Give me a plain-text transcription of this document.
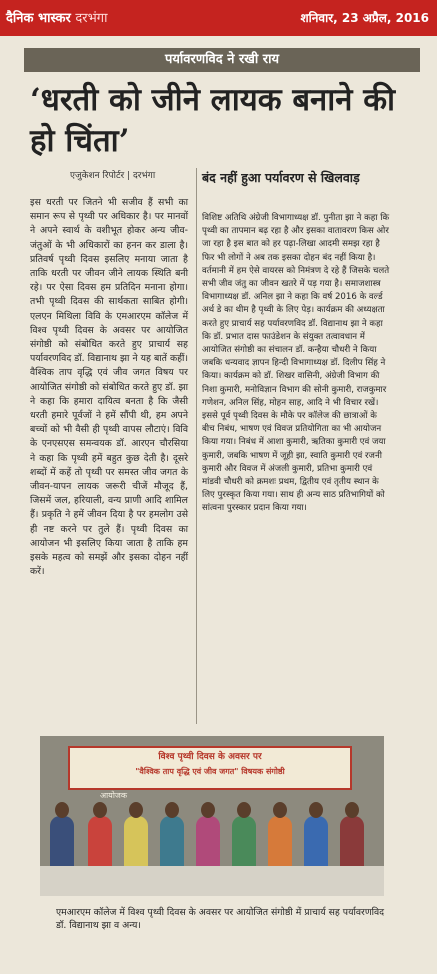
दैनिक भास्कर दरभंगा	शनिवार, 23 अप्रैल, 2016
पर्यावरणविद ने रखी राय
‘धरती को जीने लायक बनाने की हो चिंता’
एजुकेशन रिपोर्टर | दरभंगा
इस धरती पर जितने भी सजीव हैं सभी का समान रूप से पृथ्वी पर अधिकार है। पर मानवों ने अपने स्वार्थ के वशीभूत होकर अन्य जीव-जंतुओं के भी अधिकारों का हनन कर डाला है। प्रतिवर्ष पृथ्वी दिवस इसलिए मनाया जाता है ताकि धरती पर जीवन जीने लायक स्थिति बनी रहे। पर ऐसा दिवस हम प्रतिदिन मनाना होगा। तभी पृथ्वी दिवस की सार्थकता साबित होगी। एलएन मिथिला विवि के एमआरएम कॉलेज में विश्व पृथ्वी दिवस के अवसर पर आयोजित संगोष्ठी को संबोधित करते हुए प्राचार्य सह पर्यावरणविद डॉ. विद्यानाथ झा ने यह बातें कहीं। वैश्विक ताप वृद्धि एवं जीव जगत विषय पर आयोजित संगोष्ठी को संबोधित करते हुए डॉ. झा ने कहा कि हमारा दायित्व बनता है कि जैसी धरती हमारे पूर्वजों ने हमें सौंपी थी, हम अपने बच्चों को भी वैसी ही पृथ्वी वापस लौटाएं। विवि के एनएसएस समन्वयक डॉ. आरएन चौरसिया ने कहा कि पृथ्वी हमें बहुत कुछ देती है। दूसरे शब्दों में कहें तो पृथ्वी पर समस्त जीव जगत के जीवन-यापन लायक जरूरी चीजें मौजूद हैं, जिसमें जल, हरियाली, वन्य प्राणी आदि शामिल हैं। प्रकृति ने हमें जीवन दिया है पर हमलोग उसे ही नष्ट करने पर तुले हैं। पृथ्वी दिवस का आयोजन भी इसलिए किया जाता है ताकि हम इसके महत्व को समझें और इसका दोहन नहीं करें।
बंद नहीं हुआ पर्यावरण से खिलवाड़
विशिष्ट अतिथि अंग्रेजी विभागाध्यक्ष डॉ. पुनीता झा ने कहा कि पृथ्वी का तापमान बढ़ रहा है और इसका वातावरण किस ओर जा रहा है इस बात को हर पढ़ा-लिखा आदमी समझ रहा है फिर भी लोगों ने अब तक इसका दोहन बंद नहीं किया है। वर्तमानी में हम ऐसे वायरस को निमंत्रण दे रहे हैं जिसके चलते सभी जीव जंतु का जीवन खतरे में पड़ गया है। समाजशास्त्र विभागाध्यक्ष डॉ. अनिल झा ने कहा कि वर्ष 2016 के वर्ल्ड अर्थ डे का थीम है पृथ्वी के लिए पेड़। कार्यक्रम की अध्यक्षता करते हुए प्राचार्य सह पर्यावरणविद डॉ. विद्यानाथ झा ने कहा कि डॉ. प्रभात दास फाउंडेशन के संयुक्त तत्वावधान में आयोजित संगोष्ठी का संचालन डॉ. कन्हैया चौधरी ने किया जबकि धन्यवाद ज्ञापन हिन्दी विभागाध्यक्ष डॉ. दिलीप सिंह ने किया। कार्यक्रम को डॉ. शिखर वासिनी, अंग्रेजी विभाग की निशा कुमारी, मनोविज्ञान विभाग की सोनी कुमारी, राजकुमार गणेशन, अनिल सिंह, मोहन साह, आदि ने भी विचार रखें। इससे पूर्व पृथ्वी दिवस के मौके पर कॉलेज की छात्राओं के बीच निबंध, भाषण एवं विवज प्रतियोगिता का भी आयोजन किया गया। निबंध में आशा कुमारी, ऋतिका कुमारी एवं जया कुमारी, जबकि भाषण में जूही झा, स्वाति कुमारी एवं रजनी कुमारी और विवज में अंजली कुमारी, प्रतिभा कुमारी एवं मांडवी चौधरी को क्रमशः प्रथम, द्वितीय एवं तृतीय स्थान के लिए पुरस्कृत किया गया। साथ ही अन्य साठ प्रतिभागियों को सांत्वना पुरस्कार प्रदान किया गया।
विश्व पृथ्वी दिवस के अवसर पर
"वैश्विक ताप वृद्धि एवं जीव जगत" विषयक संगोष्ठी
आयोजक
एमआरएम कॉलेज में विश्व पृथ्वी दिवस के अवसर पर आयोजित संगोष्ठी में प्राचार्य सह पर्यावरणविद डॉ. विद्यानाथ झा व अन्य।
